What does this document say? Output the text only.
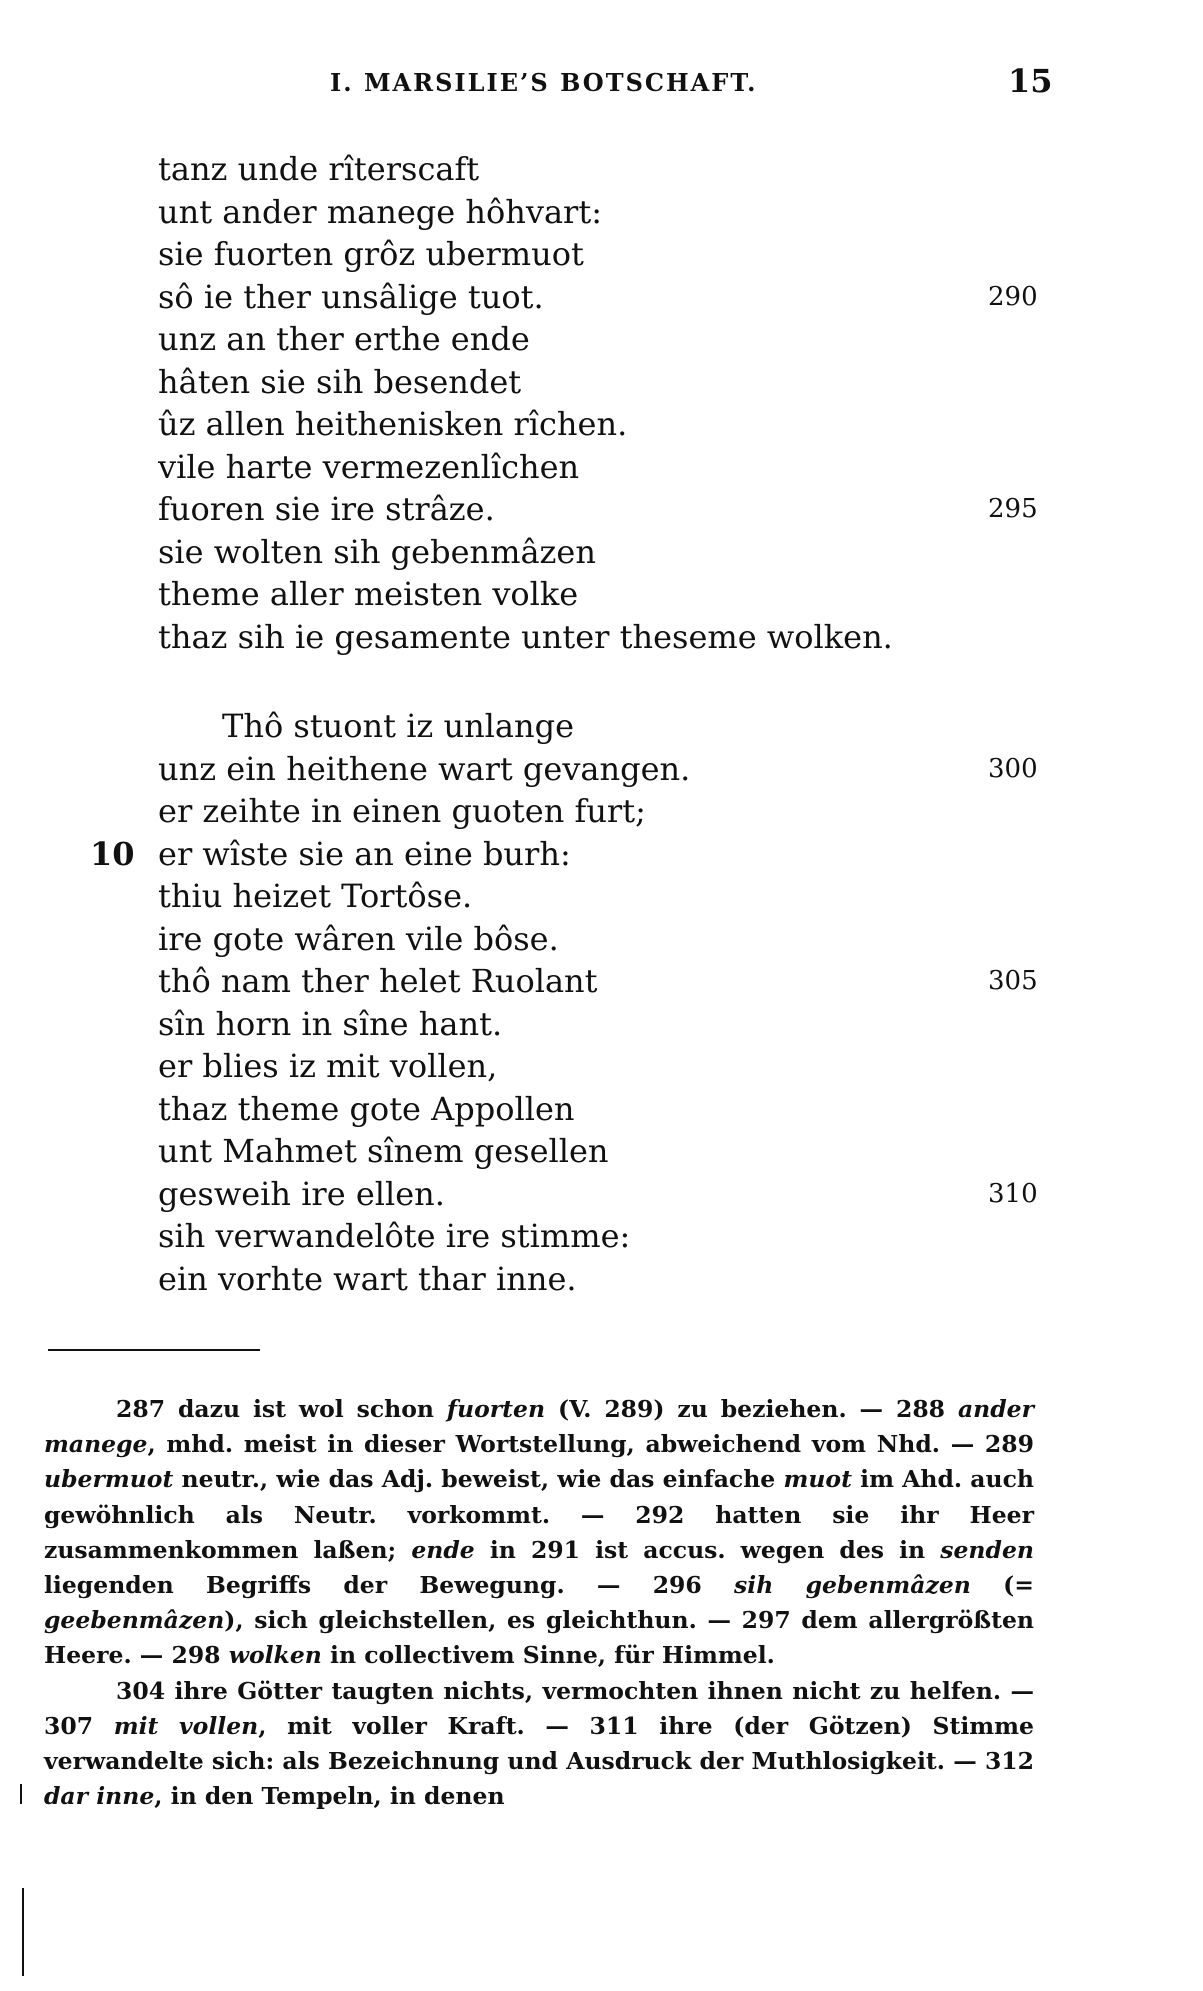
I. MARSILIE’S BOTSCHAFT.	15
tanz unde rîterscaft
unt ander manege hôhvart:
sie fuorten grôz ubermuot
sô ie ther unsâlige tuot.	290
unz an ther erthe ende
hâten sie sih besendet
ûz allen heithenisken rîchen.
vile harte vermezenlîchen
fuoren sie ire strâze.	295
sie wolten sih gebenmâzen
theme aller meisten volke
thaz sih ie gesamente unter theseme wolken.
Thô stuont iz unlange
unz ein heithene wart gevangen.	300
er zeihte in einen guoten furt;
er wîste sie an eine burh:
10
thiu heizet Tortôse.
ire gote wâren vile bôse.
thô nam ther helet Ruolant	305
sîn horn in sîne hant.
er blies iz mit vollen,
thaz theme gote Appollen
unt Mahmet sînem gesellen
gesweih ire ellen.	310
sih verwandelôte ire stimme:
ein vorhte wart thar inne.

287 dazu ist wol schon fuorten (V. 289) zu beziehen. — 288 ander manege, mhd. meist in dieser Wortstellung, abweichend vom Nhd. — 289 ubermuot neutr., wie das Adj. beweist, wie das einfache muot im Ahd. auch gewöhnlich als Neutr. vorkommt. — 292 hatten sie ihr Heer zusammenkommen laßen; ende in 291 ist accus. wegen des in senden liegenden Begriffs der Bewegung. — 296 sih gebenmâzen (= geebenmâzen), sich gleichstellen, es gleichthun. — 297 dem allergrößten Heere. — 298 wolken in collectivem Sinne, für Himmel.

304 ihre Götter taugten nichts, vermochten ihnen nicht zu helfen. — 307 mit vollen, mit voller Kraft. — 311 ihre (der Götzen) Stimme verwandelte sich: als Bezeichnung und Ausdruck der Muthlosigkeit. — 312 dar inne, in den Tempeln, in denen
